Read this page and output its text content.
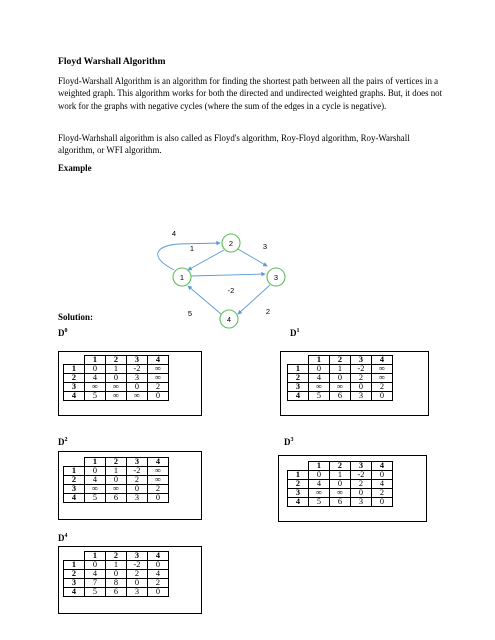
Floyd Warshall Algorithm

Floyd-Warshall Algorithm is an algorithm for finding the shortest path between all the pairs of vertices in a weighted graph. This algorithm works for both the directed and undirected weighted graphs. But, it does not work for the graphs with negative cycles (where the sum of the edges in a cycle is negative).

Floyd-Warhshall algorithm is also called as Floyd's algorithm, Roy-Floyd algorithm, Roy-Warshall algorithm, or WFI algorithm.

Example
1
2
3
4
4
1	3
-2
2
5
Solution:
$D^0$
	1	2	3	4
1	0	1	-2	∞
2	4	0	3	∞
3	∞	∞	0	2
4	5	∞	∞	0
$D^1$
	1	2	3	4
1	0	1	-2	∞
2	4	0	2	∞
3	∞	∞	0	2
4	5	6	3	0
$D^2$
	1	2	3	4
1	0	1	-2	∞
2	4	0	2	∞
3	∞	∞	0	2
4	5	6	3	0
$D^3$
	1	2	3	4
1	0	1	-2	0
2	4	0	2	4
3	∞	∞	0	2
4	5	6	3	0
$D^4$
	1	2	3	4
1	0	1	-2	0
2	4	0	2	4
3	7	8	0	2
4	5	6	3	0
